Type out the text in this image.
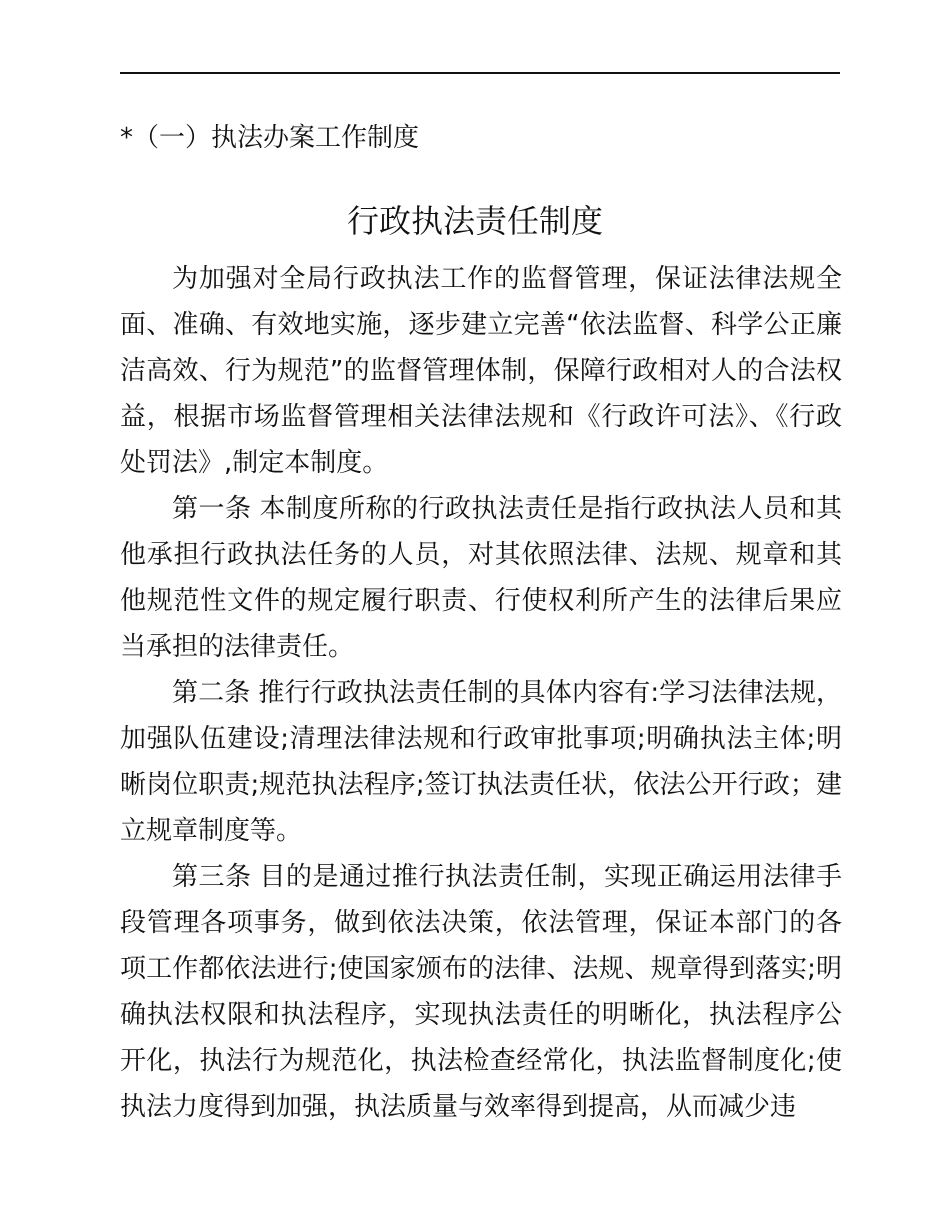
*（一）执法办案工作制度
行政执法责任制度

为加强对全局行政执法工作的监督管理，保证法律法规全面、准确、有效地实施，逐步建立完善“依法监督、科学公正廉洁高效、行为规范”的监督管理体制，保障行政相对人的合法权益，根据市场监督管理相关法律法规和《行政许可法》、《行政处罚法》,制定本制度。

第一条 本制度所称的行政执法责任是指行政执法人员和其他承担行政执法任务的人员，对其依照法律、法规、规章和其他规范性文件的规定履行职责、行使权利所产生的法律后果应当承担的法律责任。

第二条 推行行政执法责任制的具体内容有:学习法律法规，加强队伍建设;清理法律法规和行政审批事项;明确执法主体;明晰岗位职责;规范执法程序;签订执法责任状，依法公开行政；建立规章制度等。

第三条 目的是通过推行执法责任制，实现正确运用法律手段管理各项事务，做到依法决策，依法管理，保证本部门的各项工作都依法进行;使国家颁布的法律、法规、规章得到落实;明确执法权限和执法程序，实现执法责任的明晰化，执法程序公开化，执法行为规范化，执法检查经常化，执法监督制度化;使执法力度得到加强，执法质量与效率得到提高，从而减少违
